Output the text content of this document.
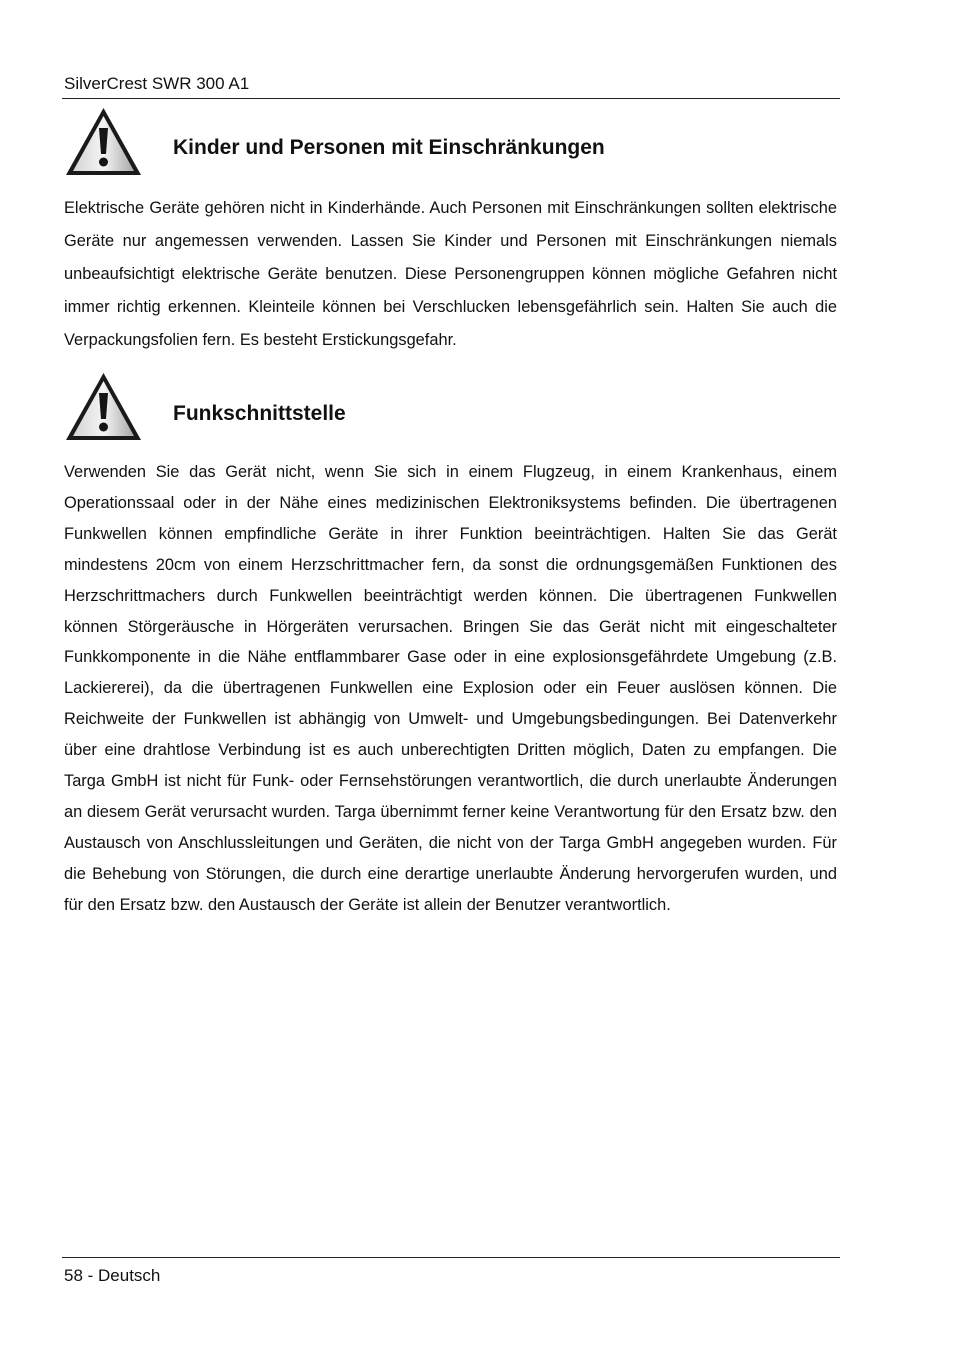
SilverCrest SWR 300 A1
Kinder und Personen mit Einschränkungen

Elektrische Geräte gehören nicht in Kinderhände. Auch Personen mit Einschränkungen sollten elektrische Geräte nur angemessen verwenden. Lassen Sie Kinder und Personen mit Einschränkungen niemals unbeaufsichtigt elektrische Geräte benutzen. Diese Personengruppen können mögliche Gefahren nicht immer richtig erkennen. Kleinteile können bei Verschlucken lebensgefährlich sein. Halten Sie auch die Verpackungsfolien fern. Es besteht Erstickungsgefahr.

Funkschnittstelle

Verwenden Sie das Gerät nicht, wenn Sie sich in einem Flugzeug, in einem Krankenhaus, einem Operationssaal oder in der Nähe eines medizinischen Elektroniksystems befinden. Die übertragenen Funkwellen können empfindliche Geräte in ihrer Funktion beeinträchtigen. Halten Sie das Gerät mindestens 20cm von einem Herzschrittmacher fern, da sonst die ordnungsgemäßen Funktionen des Herzschrittmachers durch Funkwellen beeinträchtigt werden können. Die übertragenen Funkwellen können Störgeräusche in Hörgeräten verursachen. Bringen Sie das Gerät nicht mit eingeschalteter Funkkomponente in die Nähe entflammbarer Gase oder in eine explosionsgefährdete Umgebung (z.B. Lackiererei), da die übertragenen Funkwellen eine Explosion oder ein Feuer auslösen können. Die Reichweite der Funkwellen ist abhängig von Umwelt- und Umgebungsbedingungen. Bei Datenverkehr über eine drahtlose Verbindung ist es auch unberechtigten Dritten möglich, Daten zu empfangen. Die Targa GmbH ist nicht für Funk- oder Fernsehstörungen verantwortlich, die durch unerlaubte Änderungen an diesem Gerät verursacht wurden. Targa übernimmt ferner keine Verantwortung für den Ersatz bzw. den Austausch von Anschlussleitungen und Geräten, die nicht von der Targa GmbH angegeben wurden. Für die Behebung von Störungen, die durch eine derartige unerlaubte Änderung hervorgerufen wurden, und für den Ersatz bzw. den Austausch der Geräte ist allein der Benutzer verantwortlich.

58 - Deutsch
